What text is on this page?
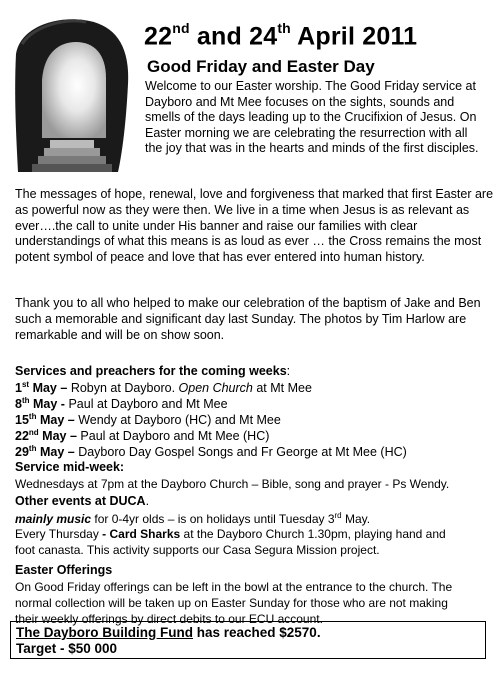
22nd and 24th April 2011
Good Friday and Easter Day

Welcome to our Easter worship. The Good Friday service at Dayboro and Mt Mee focuses on the sights, sounds and smells of the days leading up to the Crucifixion of Jesus. On Easter morning we are celebrating the resurrection with all the joy that was in the hearts and minds of the first disciples.

The messages of hope, renewal, love and forgiveness that marked that first Easter are as powerful now as they were then. We live in a time when Jesus is as relevant as ever….the call to unite under His banner and raise our families with clear understandings of what this means is as loud as ever … the Cross remains the most potent symbol of peace and love that has ever entered into human history.

Thank you to all who helped to make our celebration of the baptism of Jake and Ben such a memorable and significant day last Sunday. The photos by Tim Harlow are remarkable and will be on show soon.

Services and preachers for the coming weeks:
1st May – Robyn at Dayboro. Open Church at Mt Mee
8th May - Paul at Dayboro and Mt Mee
15th May – Wendy at Dayboro (HC) and Mt Mee
22nd May – Paul at Dayboro and Mt Mee (HC)
29th May – Dayboro Day Gospel Songs and Fr George at Mt Mee (HC)
Service mid-week:
Wednesdays at 7pm at the Dayboro Church – Bible, song and prayer - Ps Wendy.
Other events at DUCA.
mainly music for 0-4yr olds – is on holidays until Tuesday 3rd May.
Every Thursday - Card Sharks at the Dayboro Church 1.30pm, playing hand and
foot canasta. This activity supports our Casa Segura Mission project.
Easter Offerings
On Good Friday offerings can be left in the bowl at the entrance to the church. The
normal collection will be taken up on Easter Sunday for those who are not making
their weekly offerings by direct debits to our ECU account.
The Dayboro Building Fund has reached $2570.
Target - $50 000
